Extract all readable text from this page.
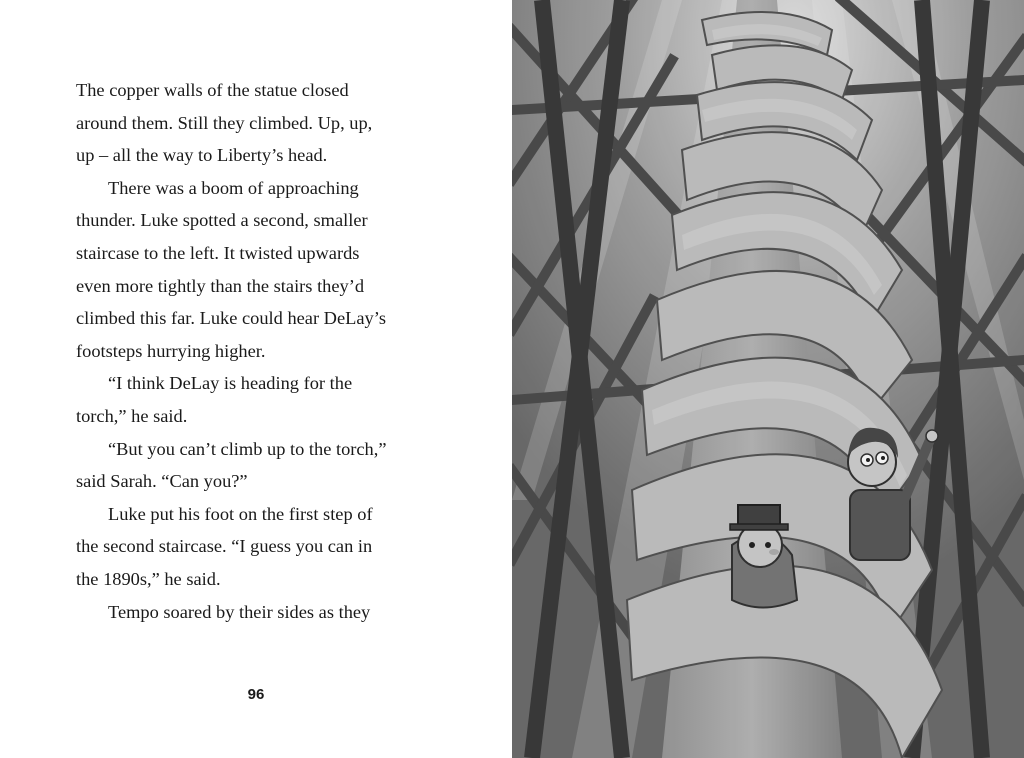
The copper walls of the statue closed
around them. Still they climbed. Up, up,
up – all the way to Liberty’s head.
There was a boom of approaching
thunder. Luke spotted a second, smaller
staircase to the left. It twisted upwards
even more tightly than the stairs they’d
climbed this far. Luke could hear DeLay’s
footsteps hurrying higher.
“I think DeLay is heading for the
torch,” he said.
“But you can’t climb up to the torch,”
said Sarah. “Can you?”
Luke put his foot on the first step of
the second staircase. “I guess you can in
the 1890s,” he said.
Tempo soared by their sides as they
96
